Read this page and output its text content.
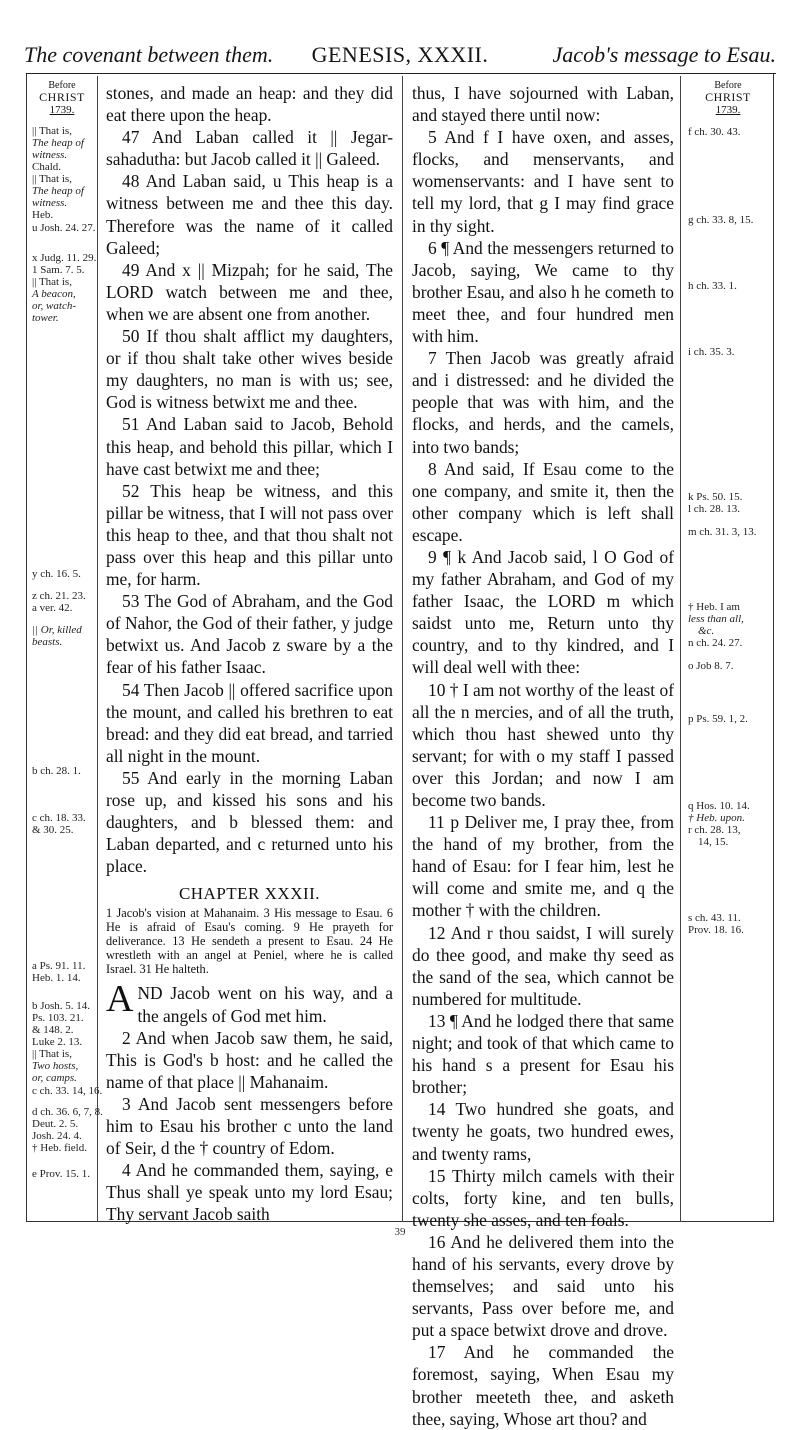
The covenant between them.	GENESIS, XXXII.	Jacob's message to Esau.
Before
CHRIST
1739.
|| That is,
The heap of
witness.
Chald.
|| That is,
The heap of
witness.
Heb.
u Josh. 24. 27.
x Judg. 11. 29.
1 Sam. 7. 5.
|| That is,
A beacon,
or, watch-
tower.
y ch. 16. 5.
z ch. 21. 23.
a ver. 42.
|| Or, killed
beasts.
b ch. 28. 1.
c ch. 18. 33.
& 30. 25.
a Ps. 91. 11.
Heb. 1. 14.
b Josh. 5. 14.
Ps. 103. 21.
& 148. 2.
Luke 2. 13.
|| That is,
Two hosts,
or, camps.
c ch. 33. 14, 16.
d ch. 36. 6, 7, 8.
Deut. 2. 5.
Josh. 24. 4.
† Heb. field.
e Prov. 15. 1.

stones, and made an heap: and they did eat there upon the heap.

47 And Laban called it || Jegar-sahadutha: but Jacob called it || Galeed.

48 And Laban said, u This heap is a witness between me and thee this day. Therefore was the name of it called Galeed;

49 And x || Mizpah; for he said, The LORD watch between me and thee, when we are absent one from another.

50 If thou shalt afflict my daughters, or if thou shalt take other wives beside my daughters, no man is with us; see, God is witness betwixt me and thee.

51 And Laban said to Jacob, Behold this heap, and behold this pillar, which I have cast betwixt me and thee;

52 This heap be witness, and this pillar be witness, that I will not pass over this heap to thee, and that thou shalt not pass over this heap and this pillar unto me, for harm.

53 The God of Abraham, and the God of Nahor, the God of their father, y judge betwixt us. And Jacob z sware by a the fear of his father Isaac.

54 Then Jacob || offered sacrifice upon the mount, and called his brethren to eat bread: and they did eat bread, and tarried all night in the mount.

55 And early in the morning Laban rose up, and kissed his sons and his daughters, and b blessed them: and Laban departed, and c returned unto his place.

CHAPTER XXXII.

1 Jacob's vision at Mahanaim. 3 His message to Esau. 6 He is afraid of Esau's coming. 9 He prayeth for deliverance. 13 He sendeth a present to Esau. 24 He wrestleth with an angel at Peniel, where he is called Israel. 31 He halteth.

AND Jacob went on his way, and a the angels of God met him.

2 And when Jacob saw them, he said, This is God's b host: and he called the name of that place || Mahanaim.

3 And Jacob sent messengers before him to Esau his brother c unto the land of Seir, d the † country of Edom.

4 And he commanded them, saying, e Thus shall ye speak unto my lord Esau; Thy servant Jacob saith

thus, I have sojourned with Laban, and stayed there until now:

5 And f I have oxen, and asses, flocks, and menservants, and womenservants: and I have sent to tell my lord, that g I may find grace in thy sight.

6 ¶ And the messengers returned to Jacob, saying, We came to thy brother Esau, and also h he cometh to meet thee, and four hundred men with him.

7 Then Jacob was greatly afraid and i distressed: and he divided the people that was with him, and the flocks, and herds, and the camels, into two bands;

8 And said, If Esau come to the one company, and smite it, then the other company which is left shall escape.

9 ¶ k And Jacob said, l O God of my father Abraham, and God of my father Isaac, the LORD m which saidst unto me, Return unto thy country, and to thy kindred, and I will deal well with thee:

10 † I am not worthy of the least of all the n mercies, and of all the truth, which thou hast shewed unto thy servant; for with o my staff I passed over this Jordan; and now I am become two bands.

11 p Deliver me, I pray thee, from the hand of my brother, from the hand of Esau: for I fear him, lest he will come and smite me, and q the mother † with the children.

12 And r thou saidst, I will surely do thee good, and make thy seed as the sand of the sea, which cannot be numbered for multitude.

13 ¶ And he lodged there that same night; and took of that which came to his hand s a present for Esau his brother;

14 Two hundred she goats, and twenty he goats, two hundred ewes, and twenty rams,

15 Thirty milch camels with their colts, forty kine, and ten bulls, twenty she asses, and ten foals.

16 And he delivered them into the hand of his servants, every drove by themselves; and said unto his servants, Pass over before me, and put a space betwixt drove and drove.

17 And he commanded the foremost, saying, When Esau my brother meeteth thee, and asketh thee, saying, Whose art thou? and

Before
CHRIST
1739.
f ch. 30. 43.
g ch. 33. 8, 15.
h ch. 33. 1.
i ch. 35. 3.
k Ps. 50. 15.
l ch. 28. 13.
m ch. 31. 3, 13.
† Heb. I am
less than all,
&c.
n ch. 24. 27.
o Job 8. 7.
p Ps. 59. 1, 2.
q Hos. 10. 14.
† Heb. upon.
r ch. 28. 13,
14, 15.
s ch. 43. 11.
Prov. 18. 16.
39
